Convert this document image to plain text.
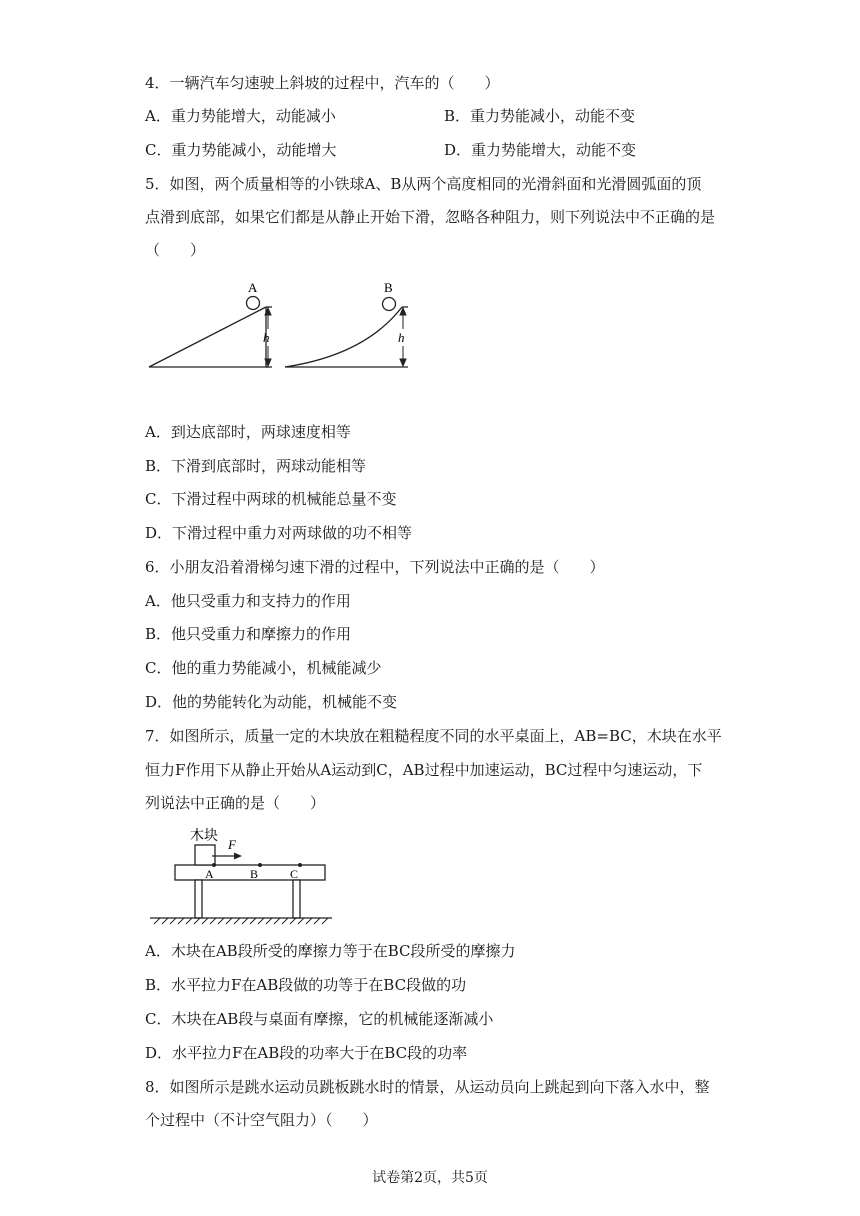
4．一辆汽车匀速驶上斜坡的过程中，汽车的（　　）
A．重力势能增大，动能减小	B．重力势能减小，动能不变
C．重力势能减小，动能增大	D．重力势能增大，动能不变
5．如图，两个质量相等的小铁球A、B从两个高度相同的光滑斜面和光滑圆弧面的顶
点滑到底部，如果它们都是从静止开始下滑，忽略各种阻力，则下列说法中不正确的是
（　　）
A
h
B
h
A．到达底部时，两球速度相等
B．下滑到底部时，两球动能相等
C．下滑过程中两球的机械能总量不变
D．下滑过程中重力对两球做的功不相等
6．小朋友沿着滑梯匀速下滑的过程中，下列说法中正确的是（　　）
A．他只受重力和支持力的作用
B．他只受重力和摩擦力的作用
C．他的重力势能减小，机械能减少
D．他的势能转化为动能，机械能不变
7．如图所示，质量一定的木块放在粗糙程度不同的水平桌面上，AB=BC，木块在水平
恒力F作用下从静止开始从A运动到C，AB过程中加速运动，BC过程中匀速运动，下
列说法中正确的是（　　）
木块
F
A	B	C
A．木块在AB段所受的摩擦力等于在BC段所受的摩擦力
B．水平拉力F在AB段做的功等于在BC段做的功
C．木块在AB段与桌面有摩擦，它的机械能逐渐减小
D．水平拉力F在AB段的功率大于在BC段的功率
8．如图所示是跳水运动员跳板跳水时的情景，从运动员向上跳起到向下落入水中，整
个过程中（不计空气阻力）（　　）
试卷第2页，共5页
